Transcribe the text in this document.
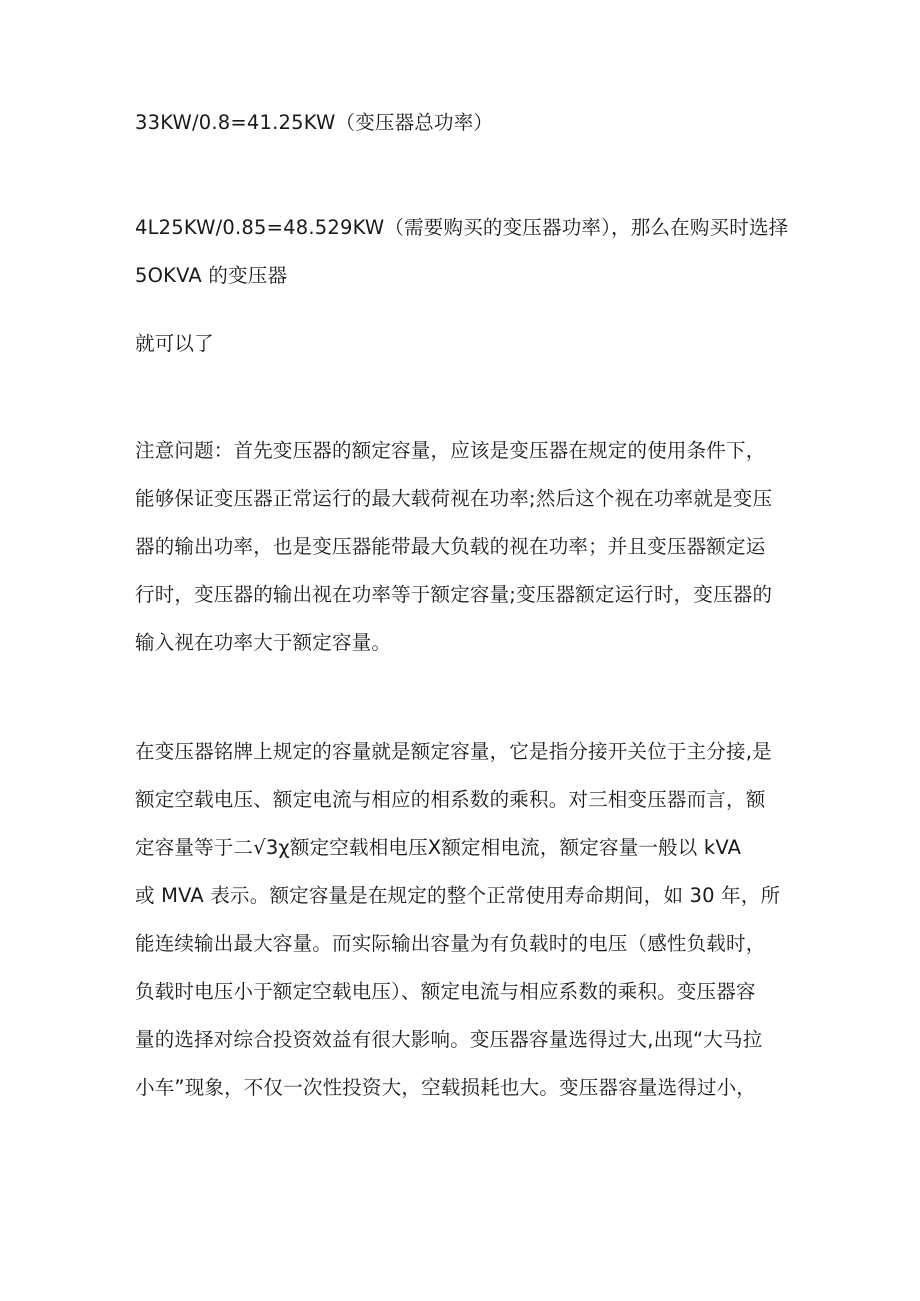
33KW/0.8=41.25KW（变压器总功率）
4L25KW/0.85=48.529KW（需要购买的变压器功率），那么在购买时选择
5OKVA 的变压器
就可以了
注意问题：首先变压器的额定容量，应该是变压器在规定的使用条件下，
能够保证变压器正常运行的最大载荷视在功率;然后这个视在功率就是变压
器的输出功率，也是变压器能带最大负载的视在功率；并且变压器额定运
行时，变压器的输出视在功率等于额定容量;变压器额定运行时，变压器的
输入视在功率大于额定容量。
在变压器铭牌上规定的容量就是额定容量，它是指分接开关位于主分接,是
额定空载电压、额定电流与相应的相系数的乘积。对三相变压器而言，额
定容量等于二√3χ额定空载相电压X额定相电流，额定容量一般以 kVA
或 MVA 表示。额定容量是在规定的整个正常使用寿命期间，如 30 年，所
能连续输出最大容量。而实际输出容量为有负载时的电压（感性负载时，
负载时电压小于额定空载电压）、额定电流与相应系数的乘积。变压器容
量的选择对综合投资效益有很大影响。变压器容量选得过大,出现“大马拉
小车”现象，不仅一次性投资大，空载损耗也大。变压器容量选得过小，
